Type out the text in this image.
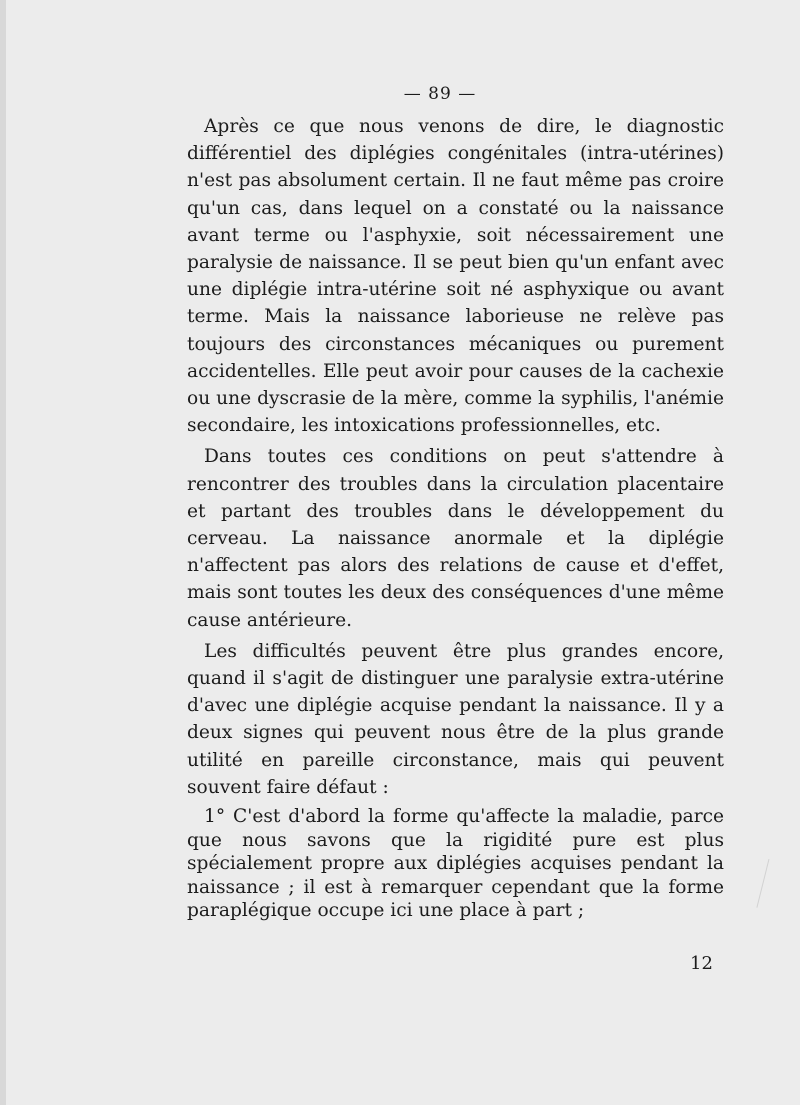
— 89 —

Après ce que nous venons de dire, le diagnostic différentiel des diplégies congénitales (intra-utérines) n'est pas absolument certain. Il ne faut même pas croire qu'un cas, dans lequel on a constaté ou la naissance avant terme ou l'asphyxie, soit nécessairement une paralysie de naissance. Il se peut bien qu'un enfant avec une diplégie intra-utérine soit né asphyxique ou avant terme. Mais la naissance laborieuse ne relève pas toujours des circonstances mécaniques ou purement accidentelles. Elle peut avoir pour causes de la cachexie ou une dyscrasie de la mère, comme la syphilis, l'anémie secondaire, les intoxications professionnelles, etc.

Dans toutes ces conditions on peut s'attendre à rencontrer des troubles dans la circulation placentaire et partant des troubles dans le développement du cerveau. La naissance anormale et la diplégie n'affectent pas alors des relations de cause et d'effet, mais sont toutes les deux des conséquences d'une même cause antérieure.

Les difficultés peuvent être plus grandes encore, quand il s'agit de distinguer une paralysie extra-utérine d'avec une diplégie acquise pendant la naissance. Il y a deux signes qui peuvent nous être de la plus grande utilité en pareille circonstance, mais qui peuvent souvent faire défaut :

1° C'est d'abord la forme qu'affecte la maladie, parce que nous savons que la rigidité pure est plus spécialement propre aux diplégies acquises pendant la naissance ; il est à remarquer cependant que la forme paraplégique occupe ici une place à part ;

12
